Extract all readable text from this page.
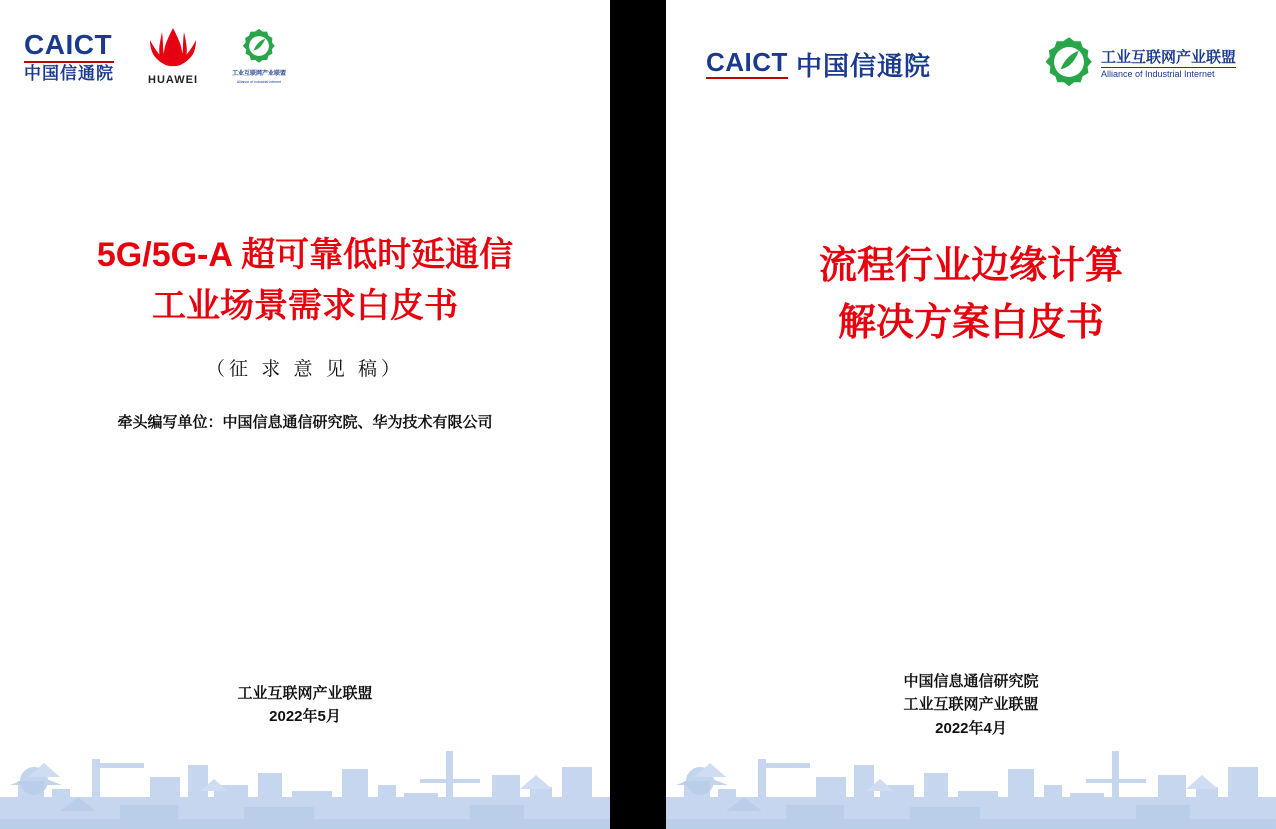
CAICT
中国信通院	HUAWEI
工业互联网产业联盟
Alliance of Industrial Internet
5G/5G-A 超可靠低时延通信
工业场景需求白皮书
（征 求 意 见 稿）
牵头编写单位：中国信息通信研究院、华为技术有限公司
工业互联网产业联盟
2022年5月
CAICT 中国信通院	工业互联网产业联盟
Alliance of Industrial Internet
流程行业边缘计算
解决方案白皮书
中国信息通信研究院
工业互联网产业联盟
2022年4月
